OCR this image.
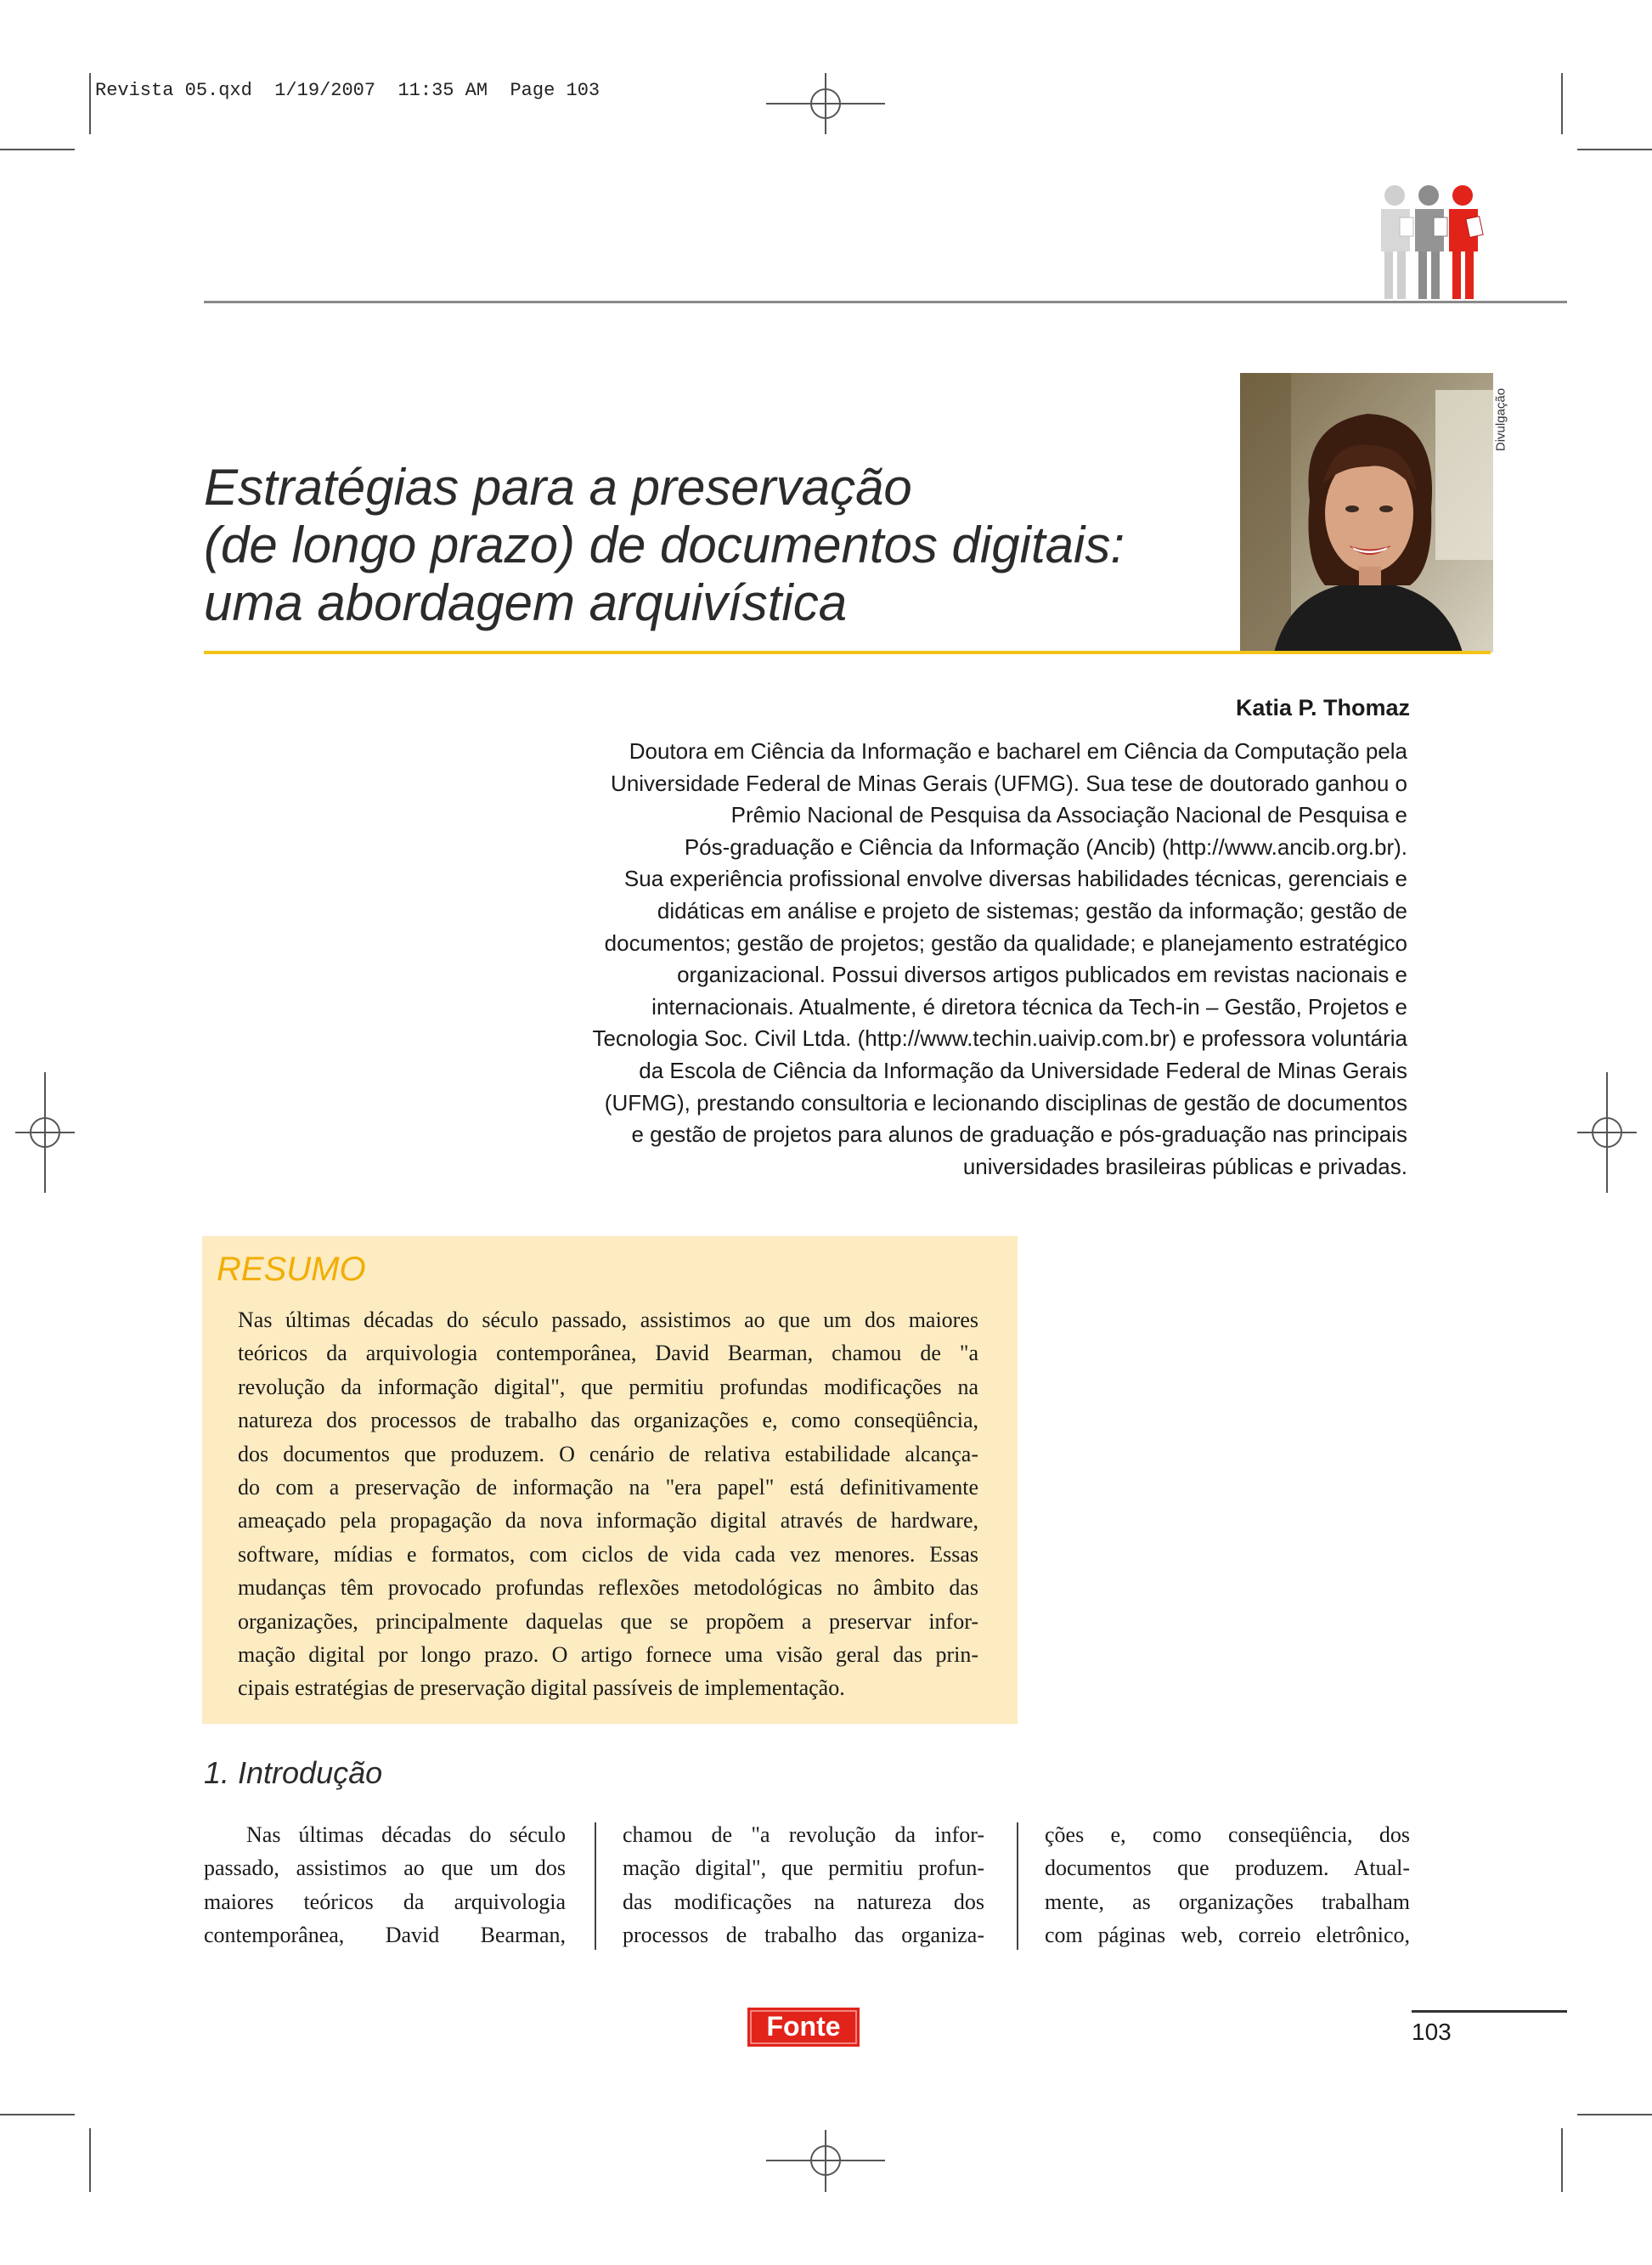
Revista 05.qxd  1/19/2007  11:35 AM  Page 103
Divulgação
Estratégias para a preservação
(de longo prazo) de documentos digitais:
uma abordagem arquivística
Katia P. Thomaz

Doutora em Ciência da Informação e bacharel em Ciência da Computação pela
Universidade Federal de Minas Gerais (UFMG). Sua tese de doutorado ganhou o
Prêmio Nacional de Pesquisa da Associação Nacional de Pesquisa e
Pós-graduação e Ciência da Informação (Ancib) (http://www.ancib.org.br).
Sua experiência profissional envolve diversas habilidades técnicas, gerenciais e
didáticas em análise e projeto de sistemas; gestão da informação; gestão de
documentos; gestão de projetos; gestão da qualidade; e planejamento estratégico
organizacional. Possui diversos artigos publicados em revistas nacionais e
internacionais. Atualmente, é diretora técnica da Tech-in – Gestão, Projetos e
Tecnologia Soc. Civil Ltda. (http://www.techin.uaivip.com.br) e professora voluntária
da Escola de Ciência da Informação da Universidade Federal de Minas Gerais
(UFMG), prestando consultoria e lecionando disciplinas de gestão de documentos
e gestão de projetos para alunos de graduação e pós-graduação nas principais
universidades brasileiras públicas e privadas.

RESUMO

Nas últimas décadas do século passado, assistimos ao que um dos maiores
teóricos da arquivologia contemporânea, David Bearman, chamou de "a
revolução da informação digital", que permitiu profundas modificações na
natureza dos processos de trabalho das organizações e, como conseqüência,
dos documentos que produzem. O cenário de relativa estabilidade alcança-
do com a preservação de informação na "era papel" está definitivamente
ameaçado pela propagação da nova informação digital através de hardware,
software, mídias e formatos, com ciclos de vida cada vez menores. Essas
mudanças têm provocado profundas reflexões metodológicas no âmbito das
organizações, principalmente daquelas que se propõem a preservar infor-
mação digital por longo prazo. O artigo fornece uma visão geral das prin-
cipais estratégias de preservação digital passíveis de implementação.

1. Introdução
Nas últimas décadas do século
passado, assistimos ao que um dos
maiores teóricos da arquivologia
contemporânea, David Bearman,
chamou de "a revolução da infor-
mação digital", que permitiu profun-
das modificações na natureza dos
processos de trabalho das organiza-
ções e, como conseqüência, dos
documentos que produzem. Atual-
mente, as organizações trabalham
com páginas web, correio eletrônico,
Fonte	103
